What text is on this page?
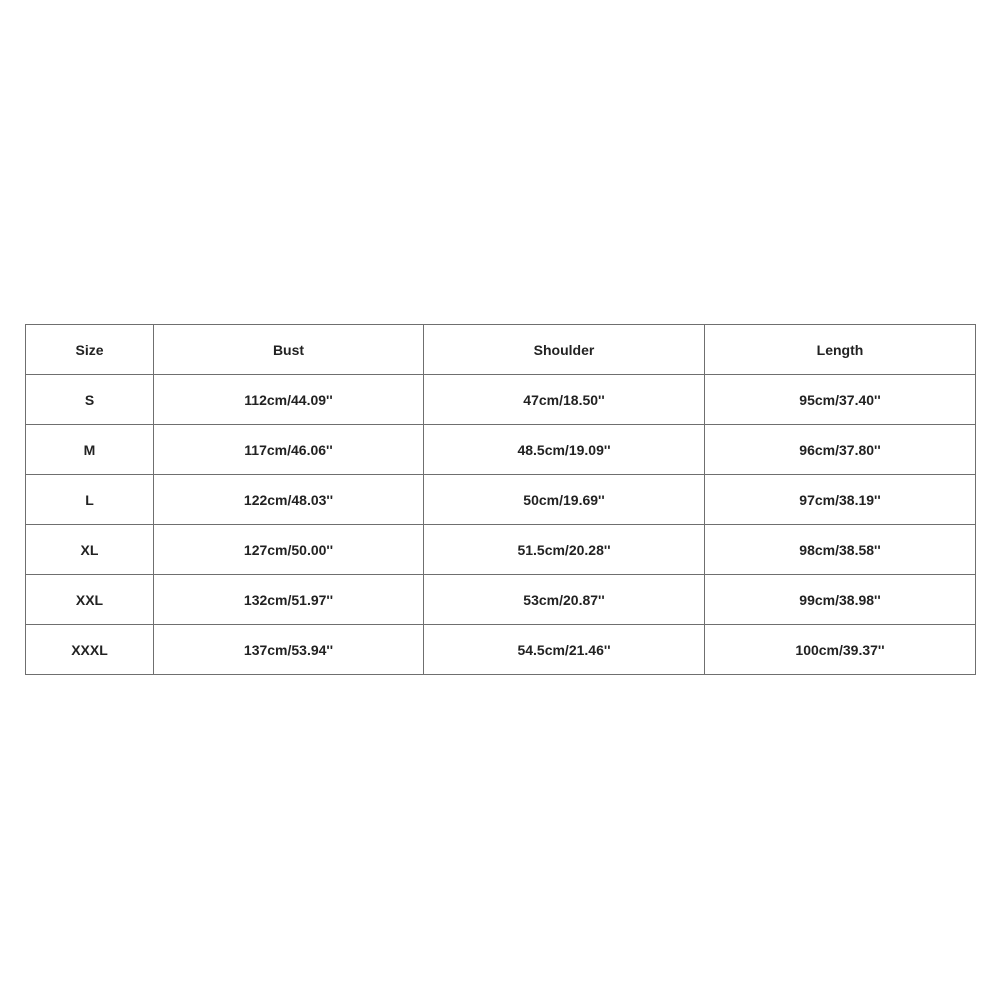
Size	Bust	Shoulder	Length
S	112cm/44.09''	47cm/18.50''	95cm/37.40''
M	117cm/46.06''	48.5cm/19.09''	96cm/37.80''
L	122cm/48.03''	50cm/19.69''	97cm/38.19''
XL	127cm/50.00''	51.5cm/20.28''	98cm/38.58''
XXL	132cm/51.97''	53cm/20.87''	99cm/38.98''
XXXL	137cm/53.94''	54.5cm/21.46''	100cm/39.37''
